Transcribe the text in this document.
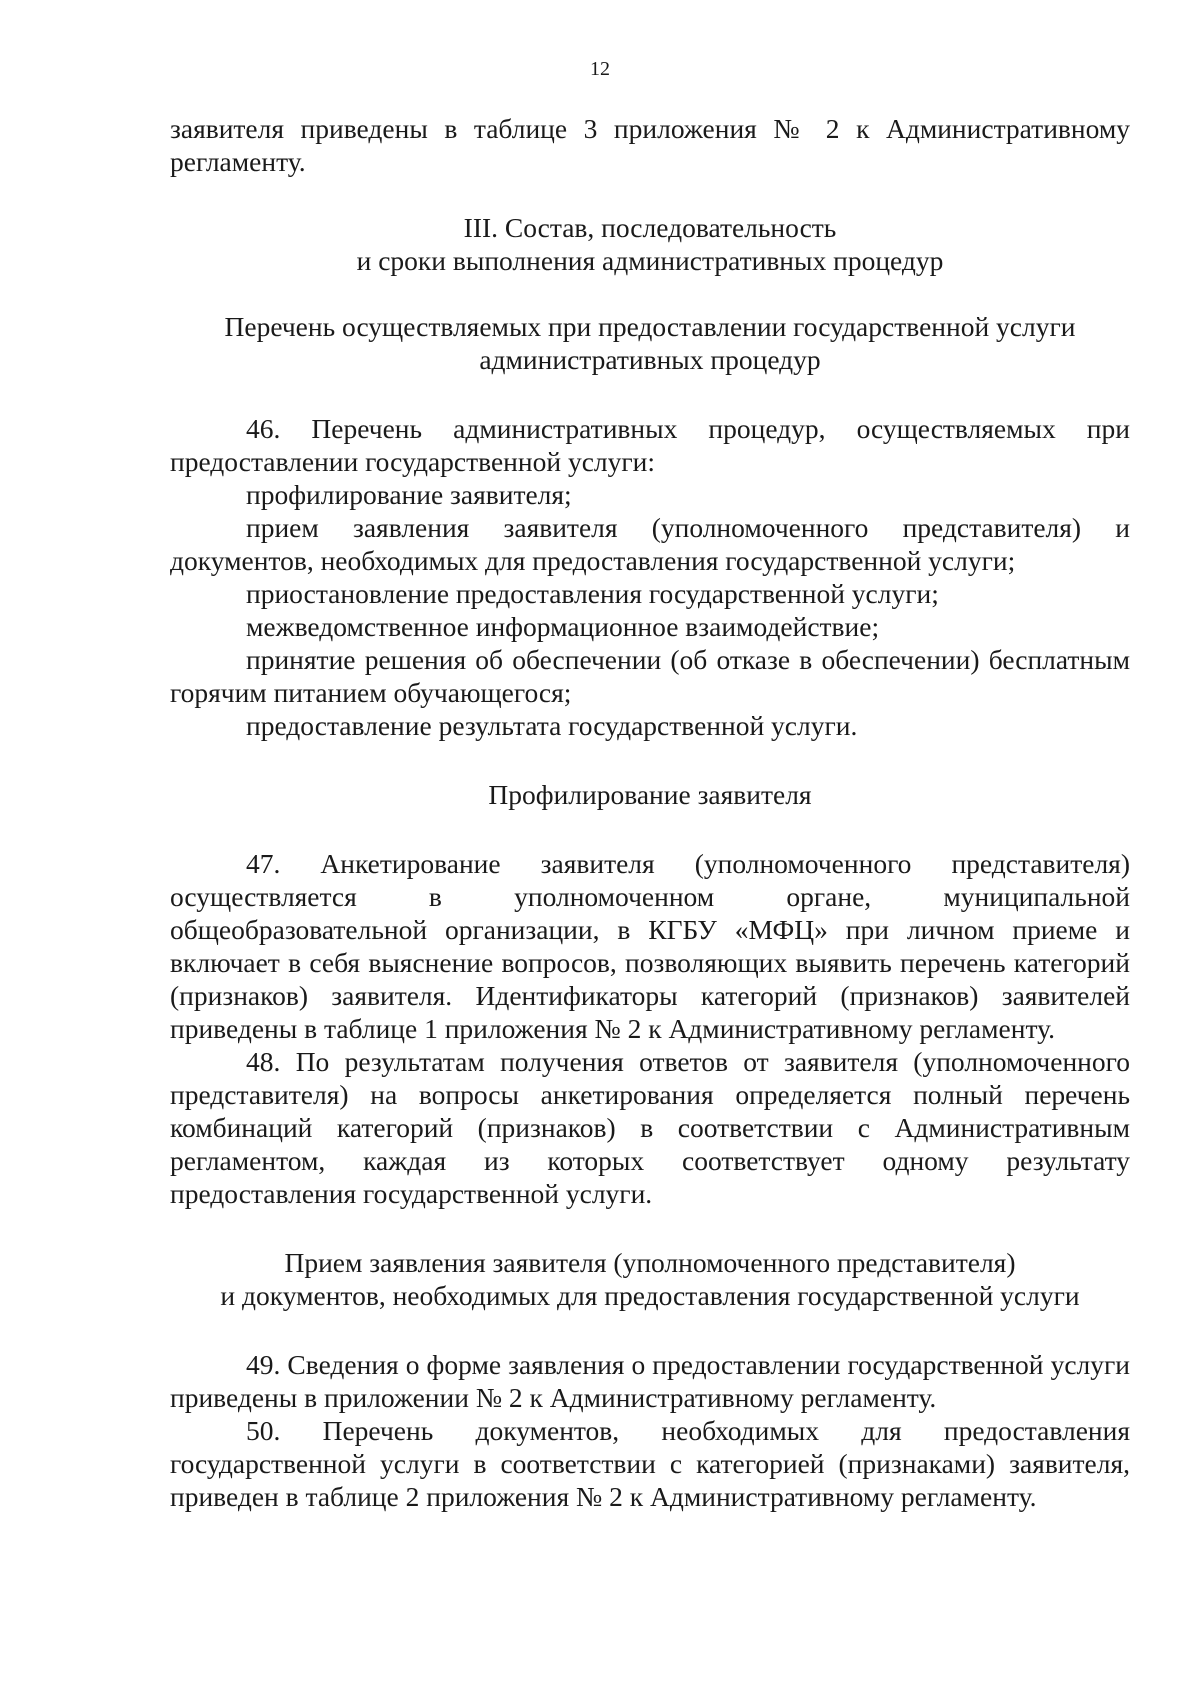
12

заявителя приведены в таблице 3 приложения № 2 к Административному регламенту.

III. Состав, последовательность
и сроки выполнения административных процедур
Перечень осуществляемых при предоставлении государственной услуги
административных процедур

46. Перечень административных процедур, осуществляемых при предоставлении государственной услуги:

профилирование заявителя;

прием заявления заявителя (уполномоченного представителя) и документов, необходимых для предоставления государственной услуги;

приостановление предоставления государственной услуги;

межведомственное информационное взаимодействие;

принятие решения об обеспечении (об отказе в обеспечении) бесплатным горячим питанием обучающегося;

предоставление результата государственной услуги.

Профилирование заявителя

47. Анкетирование заявителя (уполномоченного представителя) осуществляется в уполномоченном органе, муниципальной общеобразовательной организации, в КГБУ «МФЦ» при личном приеме и включает в себя выяснение вопросов, позволяющих выявить перечень категорий (признаков) заявителя. Идентификаторы категорий (признаков) заявителей приведены в таблице 1 приложения № 2 к Административному регламенту.

48. По результатам получения ответов от заявителя (уполномоченного представителя) на вопросы анкетирования определяется полный перечень комбинаций категорий (признаков) в соответствии с Административным регламентом, каждая из которых соответствует одному результату предоставления государственной услуги.

Прием заявления заявителя (уполномоченного представителя)
и документов, необходимых для предоставления государственной услуги

49. Сведения о форме заявления о предоставлении государственной услуги приведены в приложении № 2 к Административному регламенту.

50. Перечень документов, необходимых для предоставления государственной услуги в соответствии с категорией (признаками) заявителя, приведен в таблице 2 приложения № 2 к Административному регламенту.
